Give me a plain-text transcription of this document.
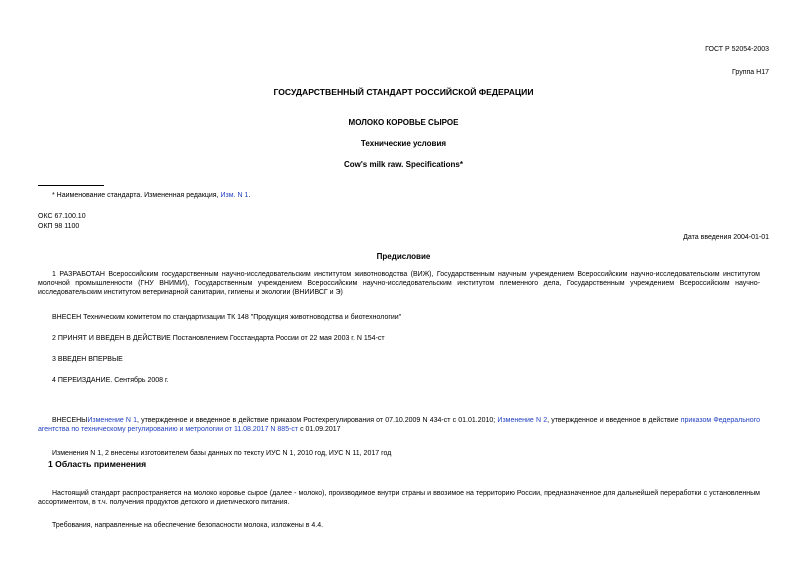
ГОСТ Р 52054-2003
Группа Н17
ГОСУДАРСТВЕННЫЙ СТАНДАРТ РОССИЙСКОЙ ФЕДЕРАЦИИ
МОЛОКО КОРОВЬЕ СЫРОЕ
Технические условия
Cow's milk raw. Specifications*
* Наименование стандарта. Измененная редакция, Изм. N 1.
ОКС 67.100.10
ОКП 98 1100
Дата введения 2004-01-01
Предисловие
1 РАЗРАБОТАН Всероссийским государственным научно-исследовательским институтом животноводства (ВИЖ), Государственным научным учреждением Всероссийским научно-исследовательским институтом молочной промышленности (ГНУ ВНИМИ), Государственным учреждением Всероссийским научно-исследовательским институтом племенного дела, Государственным учреждением Всероссийским научно-исследовательским институтом ветеринарной санитарии, гигиены и экологии (ВНИИВСГ и Э)
ВНЕСЕН Техническим комитетом по стандартизации ТК 148 "Продукция животноводства и биотехнологии"
2 ПРИНЯТ И ВВЕДЕН В ДЕЙСТВИЕ Постановлением Госстандарта России от 22 мая 2003 г. N 154-ст
3 ВВЕДЕН ВПЕРВЫЕ
4 ПЕРЕИЗДАНИЕ. Сентябрь 2008 г.
ВНЕСЕНЫИзменение N 1, утвержденное и введенное в действие приказом Ростехрегулирования от 07.10.2009 N 434-ст с 01.01.2010; Изменение N 2, утвержденное и введенное в действие приказом Федерального агентства по техническому регулированию и метрологии от 11.08.2017 N 885-ст с 01.09.2017
Изменения N 1, 2 внесены изготовителем базы данных по тексту ИУС N 1, 2010 год, ИУС N 11, 2017 год
1 Область применения
Настоящий стандарт распространяется на молоко коровье сырое (далее - молоко), производимое внутри страны и ввозимое на территорию России, предназначенное для дальнейшей переработки с установленным ассортиментом, в т.ч. получения продуктов детского и диетического питания.
Требования, направленные на обеспечение безопасности молока, изложены в 4.4.
